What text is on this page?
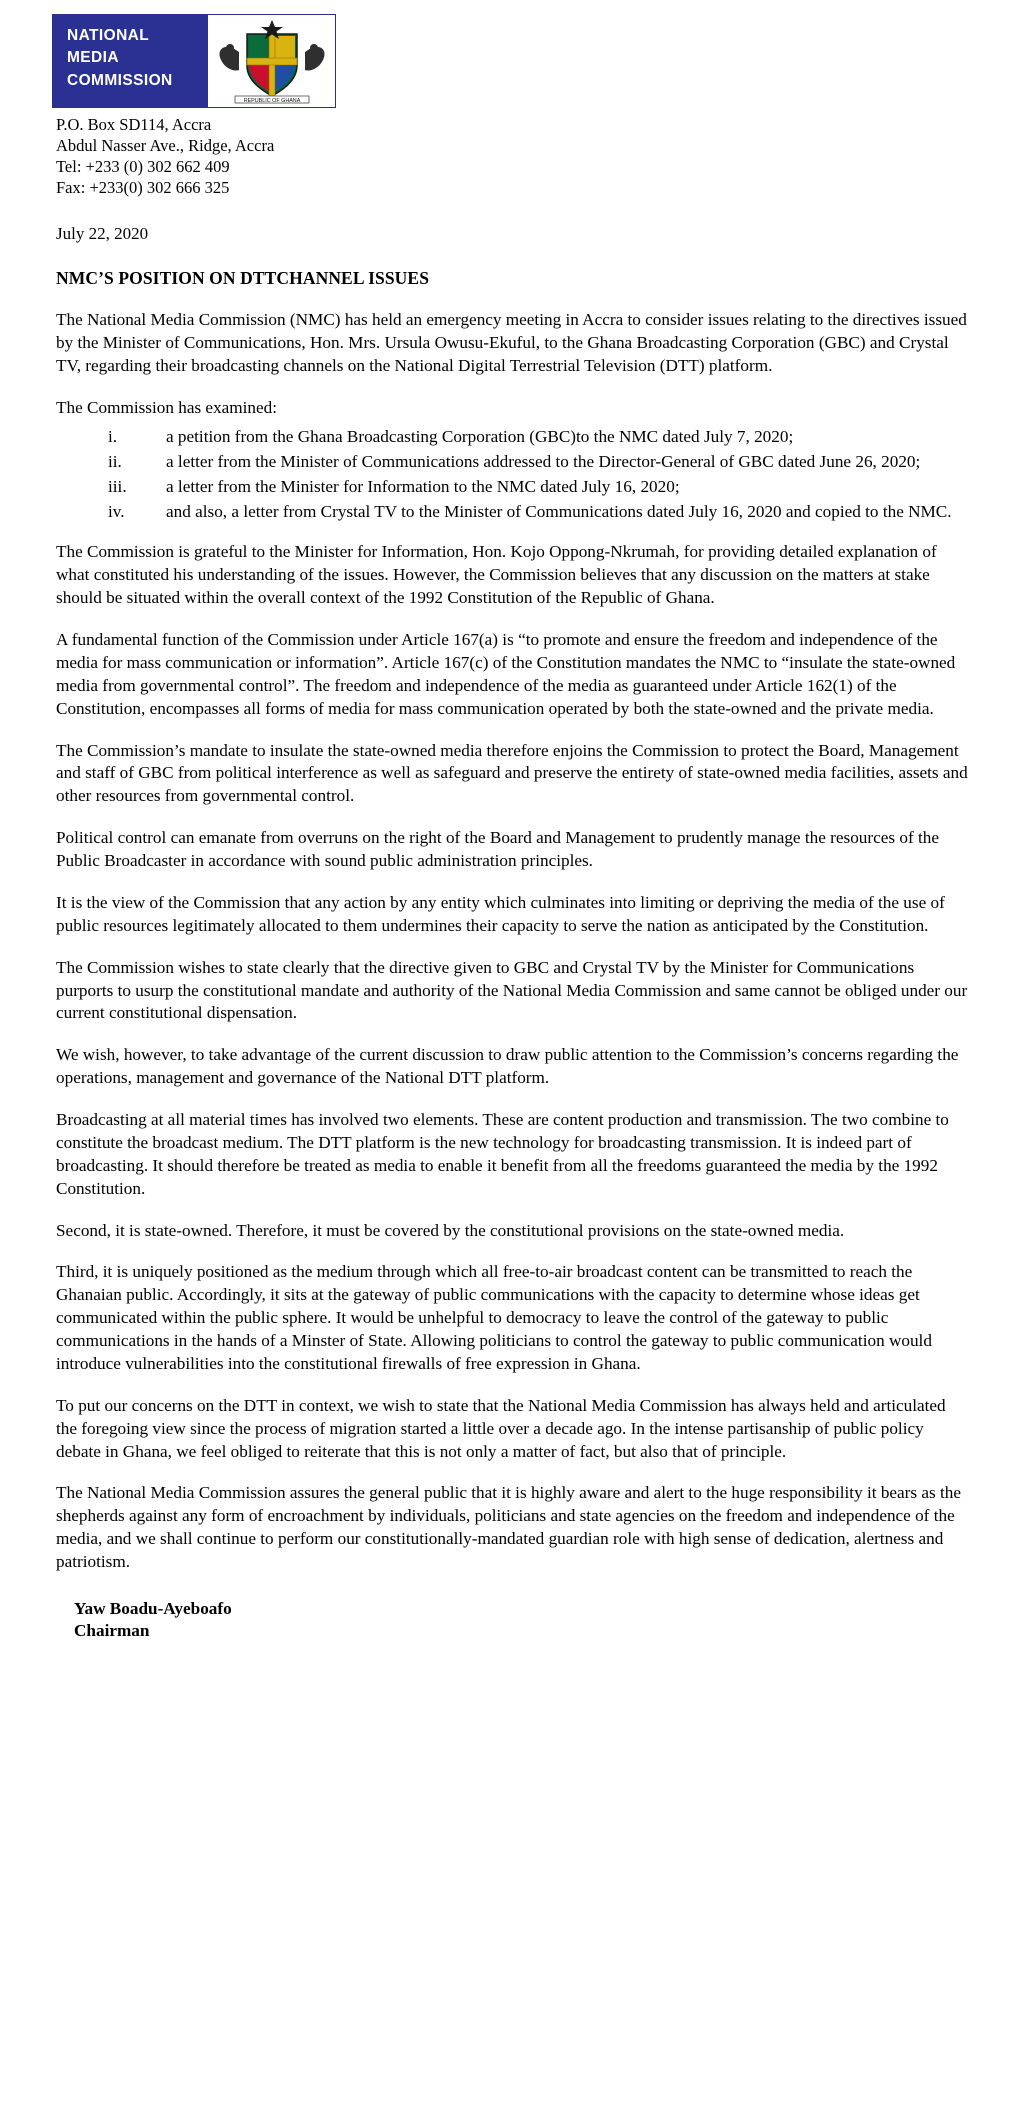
NATIONAL
MEDIA
COMMISSION
REPUBLIC OF GHANA
P.O. Box SD114, Accra
Abdul Nasser Ave., Ridge, Accra
Tel: +233 (0) 302 662 409
Fax: +233(0) 302 666 325
July 22, 2020
NMC’S POSITION ON DTTCHANNEL ISSUES

The National Media Commission (NMC) has held an emergency meeting in Accra to consider issues relating to the directives issued by the Minister of Communications, Hon. Mrs. Ursula Owusu-Ekuful, to the Ghana Broadcasting Corporation (GBC) and Crystal TV, regarding their broadcasting channels on the National Digital Terrestrial Television (DTT) platform.

The Commission has examined:

i.	a petition from the Ghana Broadcasting Corporation (GBC)to the NMC dated July 7, 2020;
ii.	a letter from the Minister of Communications addressed to the Director-General of GBC dated June 26, 2020;
iii.	a letter from the Minister for Information to the NMC dated July 16, 2020;
iv.	and also, a letter from Crystal TV to the Minister of Communications dated July 16, 2020 and copied to the NMC.

The Commission is grateful to the Minister for Information, Hon. Kojo Oppong-Nkrumah, for providing detailed explanation of what constituted his understanding of the issues. However, the Commission believes that any discussion on the matters at stake should be situated within the overall context of the 1992 Constitution of the Republic of Ghana.

A fundamental function of the Commission under Article 167(a) is “to promote and ensure the freedom and independence of the media for mass communication or information”. Article 167(c) of the Constitution mandates the NMC to “insulate the state-owned media from governmental control”. The freedom and independence of the media as guaranteed under Article 162(1) of the Constitution, encompasses all forms of media for mass communication operated by both the state-owned and the private media.

The Commission’s mandate to insulate the state-owned media therefore enjoins the Commission to protect the Board, Management and staff of GBC from political interference as well as safeguard and preserve the entirety of state-owned media facilities, assets and other resources from governmental control.

Political control can emanate from overruns on the right of the Board and Management to prudently manage the resources of the Public Broadcaster in accordance with sound public administration principles.

It is the view of the Commission that any action by any entity which culminates into limiting or depriving the media of the use of public resources legitimately allocated to them undermines their capacity to serve the nation as anticipated by the Constitution.

The Commission wishes to state clearly that the directive given to GBC and Crystal TV by the Minister for Communications purports to usurp the constitutional mandate and authority of the National Media Commission and same cannot be obliged under our current constitutional dispensation.

We wish, however, to take advantage of the current discussion to draw public attention to the Commission’s concerns regarding the operations, management and governance of the National DTT platform.

Broadcasting at all material times has involved two elements. These are content production and transmission. The two combine to constitute the broadcast medium. The DTT platform is the new technology for broadcasting transmission. It is indeed part of broadcasting. It should therefore be treated as media to enable it benefit from all the freedoms guaranteed the media by the 1992 Constitution.

Second, it is state-owned. Therefore, it must be covered by the constitutional provisions on the state-owned media.

Third, it is uniquely positioned as the medium through which all free-to-air broadcast content can be transmitted to reach the Ghanaian public. Accordingly, it sits at the gateway of public communications with the capacity to determine whose ideas get communicated within the public sphere. It would be unhelpful to democracy to leave the control of the gateway to public communications in the hands of a Minster of State. Allowing politicians to control the gateway to public communication would introduce vulnerabilities into the constitutional firewalls of free expression in Ghana.

To put our concerns on the DTT in context, we wish to state that the National Media Commission has always held and articulated the foregoing view since the process of migration started a little over a decade ago. In the intense partisanship of public policy debate in Ghana, we feel obliged to reiterate that this is not only a matter of fact, but also that of principle.

The National Media Commission assures the general public that it is highly aware and alert to the huge responsibility it bears as the shepherds against any form of encroachment by individuals, politicians and state agencies on the freedom and independence of the media, and we shall continue to perform our constitutionally-mandated guardian role with high sense of dedication, alertness and patriotism.

Yaw Boadu-Ayeboafo
Chairman
